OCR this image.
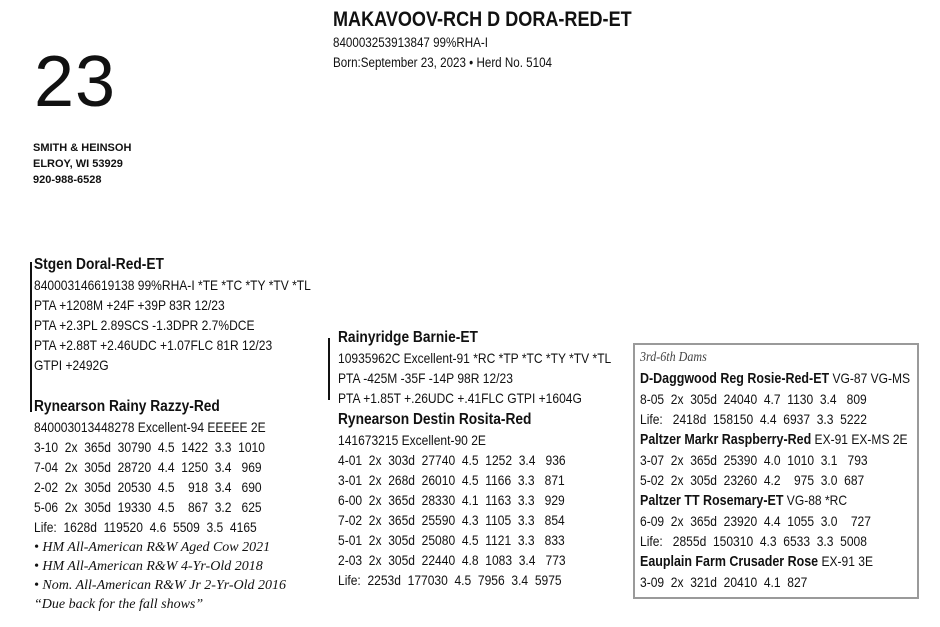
23
MAKAVOOV-RCH D DORA-RED-ET
840003253913847 99%RHA-I
Born:September 23, 2023 • Herd No. 5104
SMITH & HEINSOH
ELROY, WI 53929
920-988-6528
Stgen Doral-Red-ET
840003146619138 99%RHA-I *TE *TC *TY *TV *TL
PTA +1208M +24F +39P 83R 12/23
PTA +2.3PL 2.89SCS -1.3DPR 2.7%DCE
PTA +2.88T +2.46UDC +1.07FLC 81R 12/23
GTPI +2492G
Rynearson Rainy Razzy-Red
840003013448278 Excellent-94 EEEEE 2E
3-10  2x  365d  30790  4.5  1422  3.3  1010
7-04  2x  305d  28720  4.4  1250  3.4   969
2-02  2x  305d  20530  4.5    918  3.4   690
5-06  2x  305d  19330  4.5    867  3.2   625
Life:  1628d  119520  4.6  5509  3.5  4165
• HM All-American R&W Aged Cow 2021
• HM All-American R&W 4-Yr-Old 2018
• Nom. All-American R&W Jr 2-Yr-Old 2016
“Due back for the fall shows”
Rainyridge Barnie-ET
10935962C Excellent-91 *RC *TP *TC *TY *TV *TL
PTA -425M -35F -14P 98R 12/23
PTA +1.85T +.26UDC +.41FLC GTPI +1604G
Rynearson Destin Rosita-Red
141673215 Excellent-90 2E
4-01  2x  303d  27740  4.5  1252  3.4   936
3-01  2x  268d  26010  4.5  1166  3.3   871
6-00  2x  365d  28330  4.1  1163  3.3   929
7-02  2x  365d  25590  4.3  1105  3.3   854
5-01  2x  305d  25080  4.5  1121  3.3   833
2-03  2x  305d  22440  4.8  1083  3.4   773
Life:  2253d  177030  4.5  7956  3.4  5975
3rd-6th Dams
D-Daggwood Reg Rosie-Red-ET VG-87 VG-MS
8-05  2x  305d  24040  4.7  1130  3.4   809
Life:   2418d  158150  4.4  6937  3.3  5222
Paltzer Markr Raspberry-Red EX-91 EX-MS 2E
3-07  2x  365d  25390  4.0  1010  3.1   793
5-02  2x  305d  23260  4.2    975  3.0  687
Paltzer TT Rosemary-ET VG-88 *RC
6-09  2x  365d  23920  4.4  1055  3.0    727
Life:   2855d  150310  4.3  6533  3.3  5008
Eauplain Farm Crusader Rose EX-91 3E
3-09  2x  321d  20410  4.1  827
